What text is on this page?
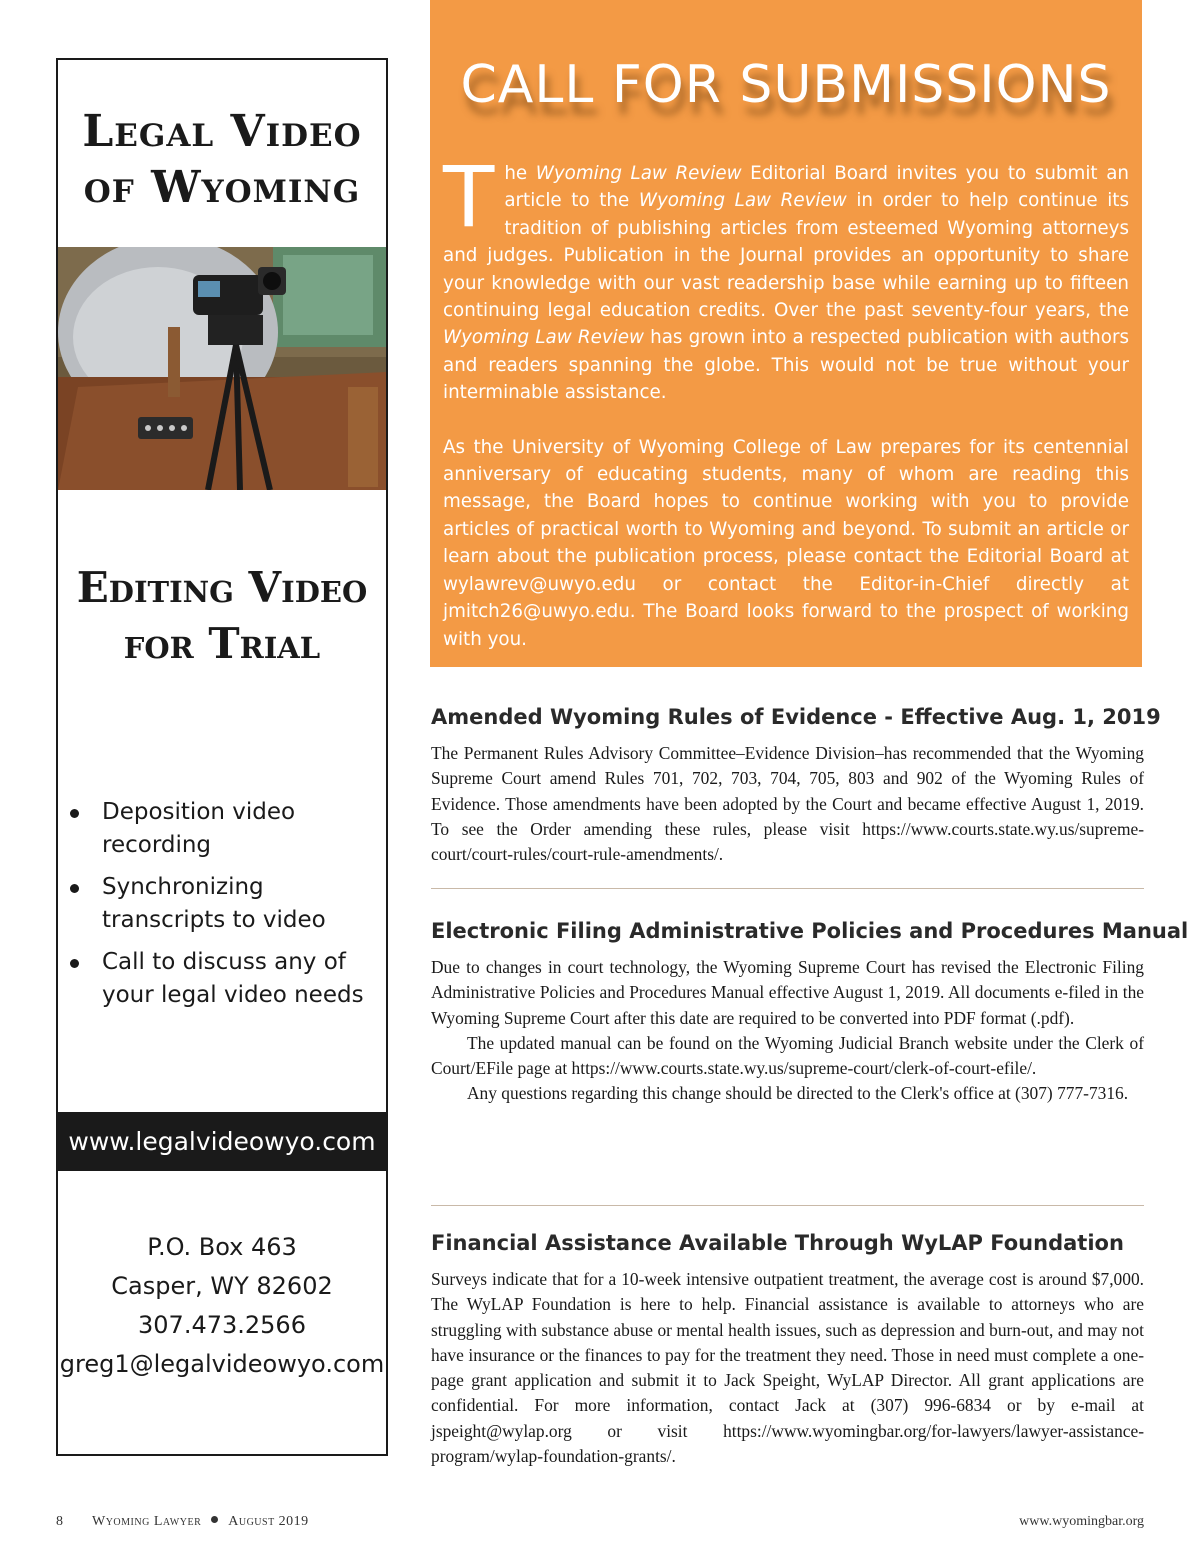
Legal Video of Wyoming
Editing Video for Trial
Deposition video recording
Synchronizing transcripts to video
Call to discuss any of your legal video needs
www.legalvideowyo.com
P.O. Box 463
Casper, WY 82602
307.473.2566
greg1@legalvideowyo.com
CALL FOR SUBMISSIONS

The Wyoming Law Review Editorial Board invites you to submit an article to the Wyoming Law Review in order to help continue its tradition of publishing articles from esteemed Wyoming attorneys and judges. Publication in the Journal provides an opportunity to share your knowledge with our vast readership base while earning up to fifteen continuing legal education credits. Over the past seventy-four years, the Wyoming Law Review has grown into a respected publication with authors and readers spanning the globe. This would not be true without your interminable assistance.

As the University of Wyoming College of Law prepares for its centennial anniversary of educating students, many of whom are reading this message, the Board hopes to continue working with you to provide articles of practical worth to Wyoming and beyond. To submit an article or learn about the publication process, please contact the Editorial Board at wylawrev@uwyo.edu or contact the Editor-in-Chief directly at jmitch26@uwyo.edu. The Board looks forward to the prospect of working with you.

Amended Wyoming Rules of Evidence - Effective Aug. 1, 2019

The Permanent Rules Advisory Committee–Evidence Division–has recommended that the Wyoming Supreme Court amend Rules 701, 702, 703, 704, 705, 803 and 902 of the Wyoming Rules of Evidence. Those amendments have been adopted by the Court and became effective August 1, 2019. To see the Order amending these rules, please visit https://www.courts.state.wy.us/supreme-court/court-rules/court-rule-amendments/.

Electronic Filing Administrative Policies and Procedures Manual

Due to changes in court technology, the Wyoming Supreme Court has revised the Electronic Filing Administrative Policies and Procedures Manual effective August 1, 2019. All documents e-filed in the Wyoming Supreme Court after this date are required to be converted into PDF format (.pdf).

The updated manual can be found on the Wyoming Judicial Branch website under the Clerk of Court/EFile page at https://www.courts.state.wy.us/supreme-court/clerk-of-court-efile/.

Any questions regarding this change should be directed to the Clerk's office at (307) 777-7316.

Financial Assistance Available Through WyLAP Foundation

Surveys indicate that for a 10-week intensive outpatient treatment, the average cost is around $7,000. The WyLAP Foundation is here to help. Financial assistance is available to attorneys who are struggling with substance abuse or mental health issues, such as depression and burn-out, and may not have insurance or the finances to pay for the treatment they need. Those in need must complete a one-page grant application and submit it to Jack Speight, WyLAP Director. All grant applications are confidential. For more information, contact Jack at (307) 996-6834 or by e-mail at jspeight@wylap.org or visit https://www.wyomingbar.org/for-lawyers/lawyer-assistance-program/wylap-foundation-grants/.

8 Wyoming Lawyer August 2019	www.wyomingbar.org
